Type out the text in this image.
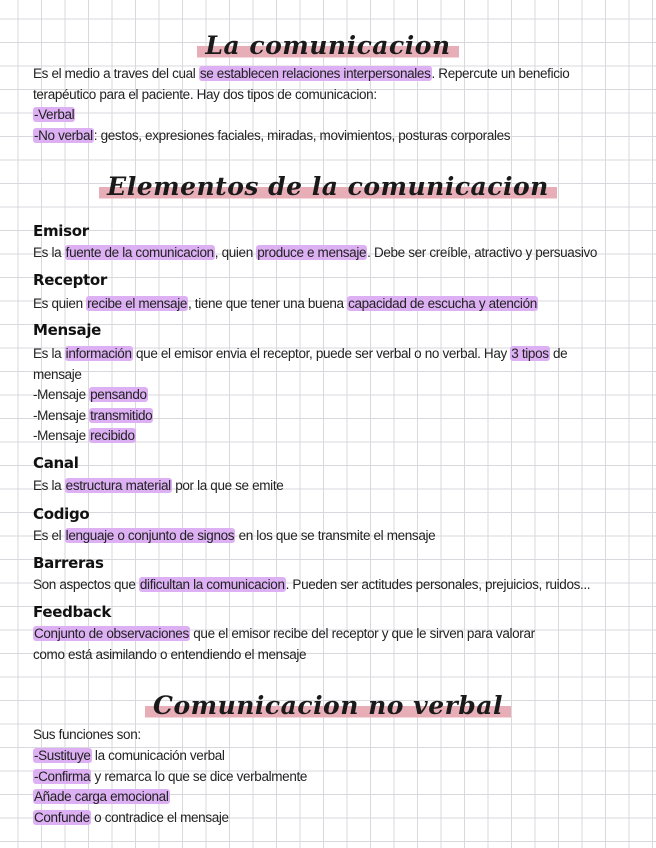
La comunicacion
Es el medio a traves del cual se establecen relaciones interpersonales. Repercute un beneficio
terapéutico para el paciente. Hay dos tipos de comunicacion:
-Verbal
-No verbal: gestos, expresiones faciales, miradas, movimientos, posturas corporales
Elementos de la comunicacion
Emisor
Es la fuente de la comunicacion, quien produce e mensaje. Debe ser creíble, atractivo y persuasivo
Receptor
Es quien recibe el mensaje, tiene que tener una buena capacidad de escucha y atención
Mensaje
Es la información que el emisor envia el receptor, puede ser verbal o no verbal. Hay 3 tipos de
mensaje
-Mensaje pensando
-Mensaje transmitido
-Mensaje recibido
Canal
Es la estructura material por la que se emite
Codigo
Es el lenguaje o conjunto de signos en los que se transmite el mensaje
Barreras
Son aspectos que dificultan la comunicacion. Pueden ser actitudes personales, prejuicios, ruidos...
Feedback
Conjunto de observaciones que el emisor recibe del receptor y que le sirven para valorar
como está asimilando o entendiendo el mensaje
Comunicacion no verbal
Sus funciones son:
-Sustituye la comunicación verbal
-Confirma y remarca lo que se dice verbalmente
Añade carga emocional
Confunde o contradice el mensaje
